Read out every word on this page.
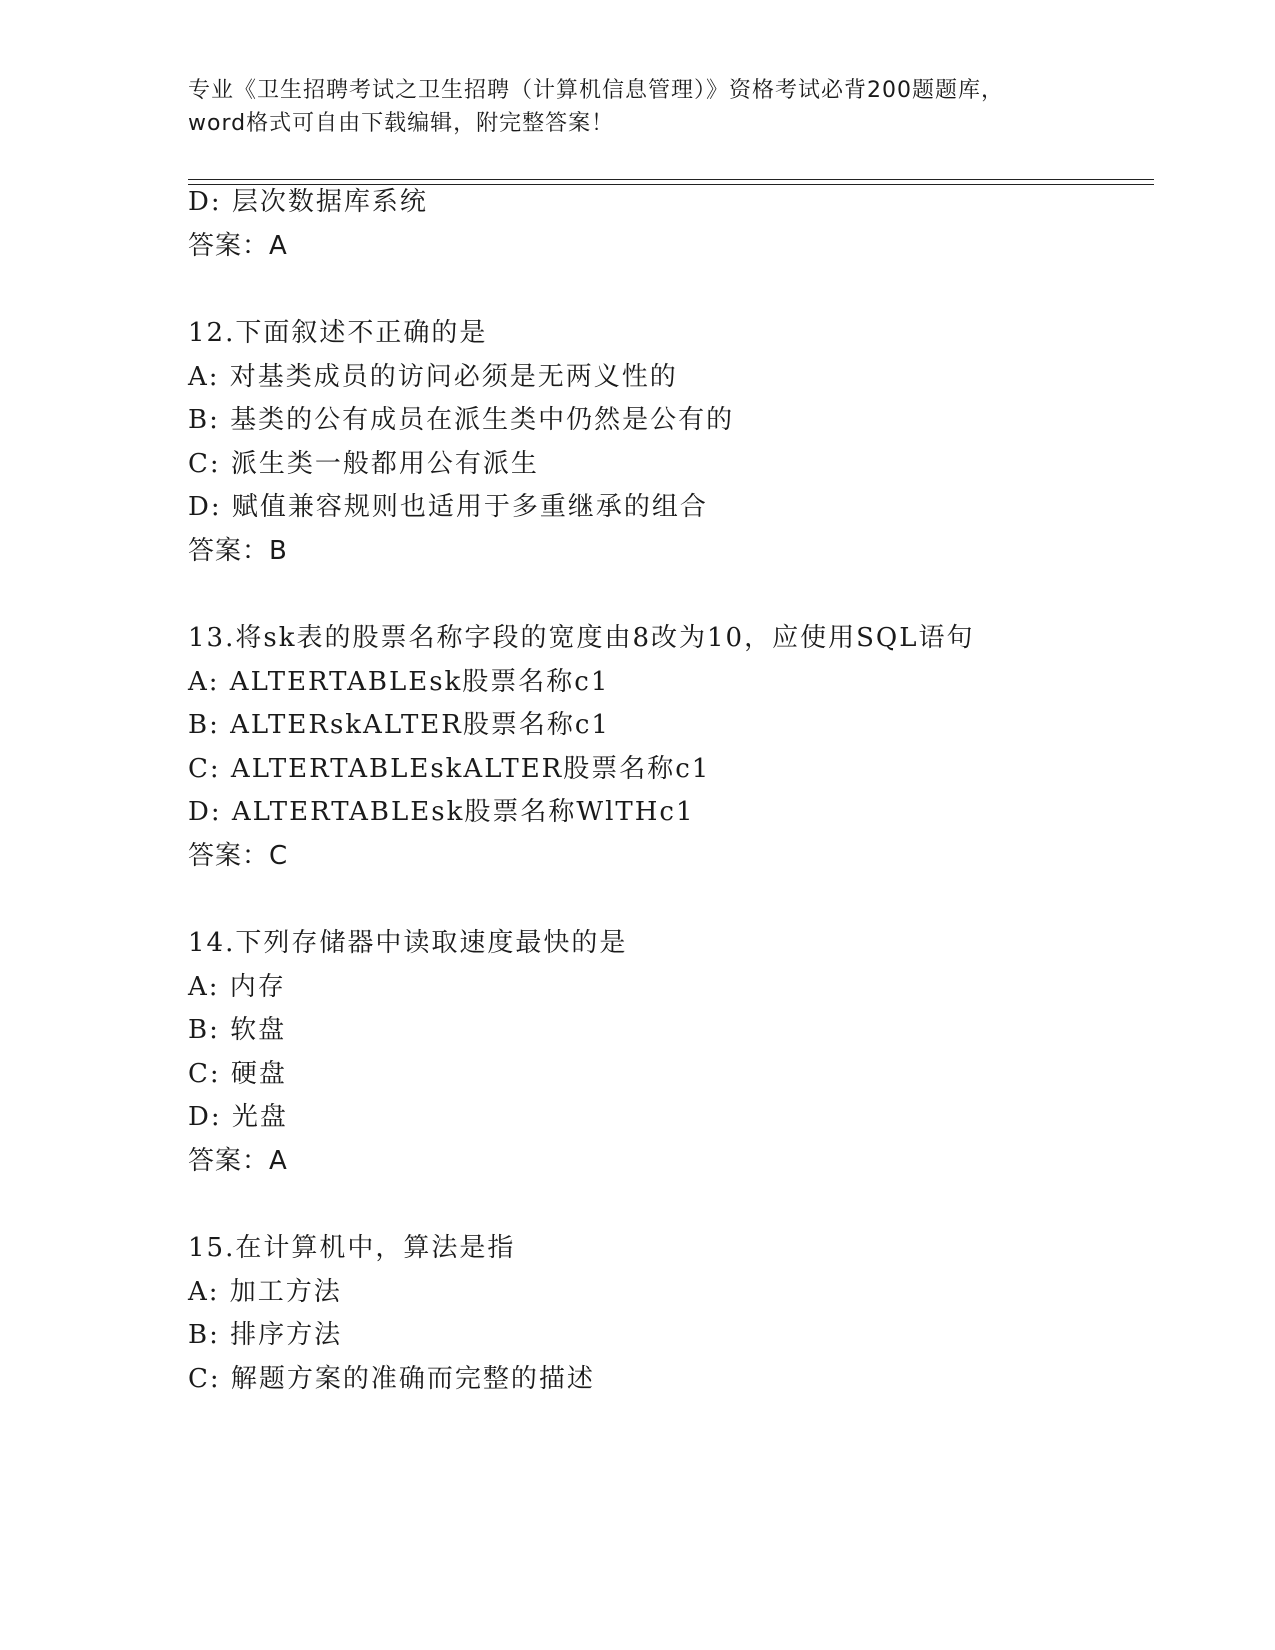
专业《卫生招聘考试之卫生招聘（计算机信息管理）》资格考试必背200题题库，
word格式可自由下载编辑，附完整答案！
D: 层次数据库系统
答案：A
12.下面叙述不正确的是
A: 对基类成员的访问必须是无两义性的
B: 基类的公有成员在派生类中仍然是公有的
C: 派生类一般都用公有派生
D: 赋值兼容规则也适用于多重继承的组合
答案：B
13.将sk表的股票名称字段的宽度由8改为10，应使用SQL语句
A: ALTERTABLEsk股票名称c1
B: ALTERskALTER股票名称c1
C: ALTERTABLEskALTER股票名称c1
D: ALTERTABLEsk股票名称WlTHc1
答案：C
14.下列存储器中读取速度最快的是
A: 内存
B: 软盘
C: 硬盘
D: 光盘
答案：A
15.在计算机中，算法是指
A: 加工方法
B: 排序方法
C: 解题方案的准确而完整的描述
